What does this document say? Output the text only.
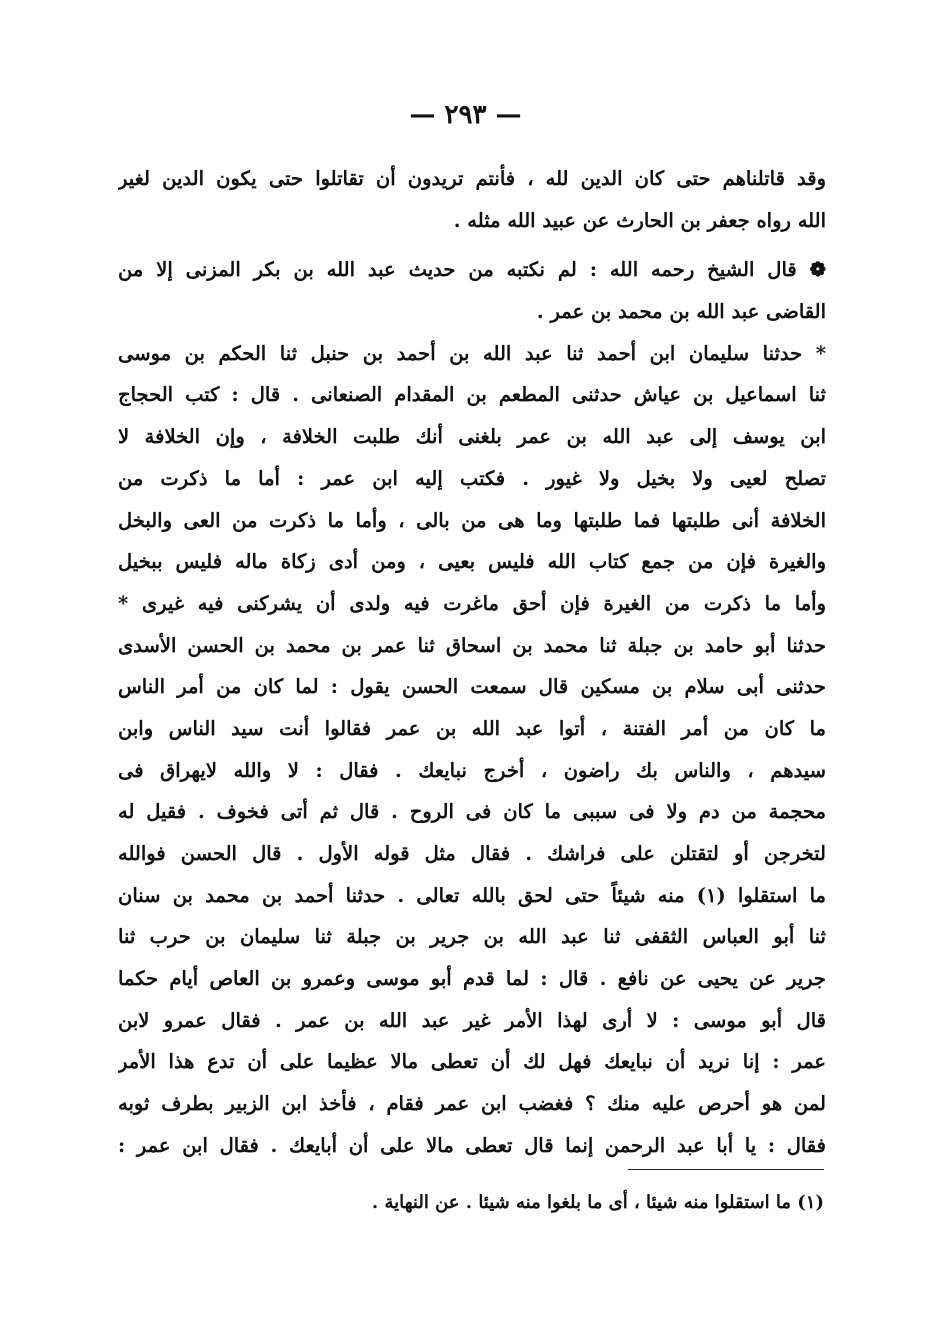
— ٢٩٣ —
وقد قاتلناهم حتى كان الدين لله ، فأنتم تريدون أن تقاتلوا حتى يكون الدين لغير
الله رواه جعفر بن الحارث عن عبيد الله مثله .
❁ قال الشيخ رحمه الله : لم نكتبه من حديث عبد الله بن بكر المزنى إلا من
القاضى عبد الله بن محمد بن عمر .
* حدثنا سليمان ابن أحمد ثنا عبد الله بن أحمد بن حنبل ثنا الحكم بن موسى
ثنا اسماعيل بن عياش حدثنى المطعم بن المقدام الصنعانى . قال : كتب الحجاج
ابن يوسف إلى عبد الله بن عمر بلغنى أنك طلبت الخلافة ، وإن الخلافة لا
تصلح لعيى ولا بخيل ولا غيور . فكتب إليه ابن عمر : أما ما ذكرت من
الخلافة أنى طلبتها فما طلبتها وما هى من بالى ، وأما ما ذكرت من العى والبخل
والغيرة فإن من جمع كتاب الله فليس بعيى ، ومن أدى زكاة ماله فليس ببخيل
وأما ما ذكرت من الغيرة فإن أحق ماغرت فيه ولدى أن يشركنى فيه غيرى *
حدثنا أبو حامد بن جبلة ثنا محمد بن اسحاق ثنا عمر بن محمد بن الحسن الأسدى
حدثنى أبى سلام بن مسكين قال سمعت الحسن يقول : لما كان من أمر الناس
ما كان من أمر الفتنة ، أتوا عبد الله بن عمر فقالوا أنت سيد الناس وابن
سيدهم ، والناس بك راضون ، أخرج نبايعك . فقال : لا والله لايهراق فى
محجمة من دم ولا فى سببى ما كان فى الروح . قال ثم أتى فخوف . فقيل له
لتخرجن أو لتقتلن على فراشك . فقال مثل قوله الأول . قال الحسن فوالله
ما استقلوا (١) منه شيئاً حتى لحق بالله تعالى . حدثنا أحمد بن محمد بن سنان
ثنا أبو العباس الثقفى ثنا عبد الله بن جرير بن جبلة ثنا سليمان بن حرب ثنا
جرير عن يحيى عن نافع . قال : لما قدم أبو موسى وعمرو بن العاص أيام حكما
قال أبو موسى : لا أرى لهذا الأمر غير عبد الله بن عمر . فقال عمرو لابن
عمر : إنا نريد أن نبايعك فهل لك أن تعطى مالا عظيما على أن تدع هذا الأمر
لمن هو أحرص عليه منك ؟ فغضب ابن عمر فقام ، فأخذ ابن الزبير بطرف ثوبه
فقال : يا أبا عبد الرحمن إنما قال تعطى مالا على أن أبايعك . فقال ابن عمر :
(١) ما استقلوا منه شيئا ، أى ما بلغوا منه شيئا . عن النهاية .
